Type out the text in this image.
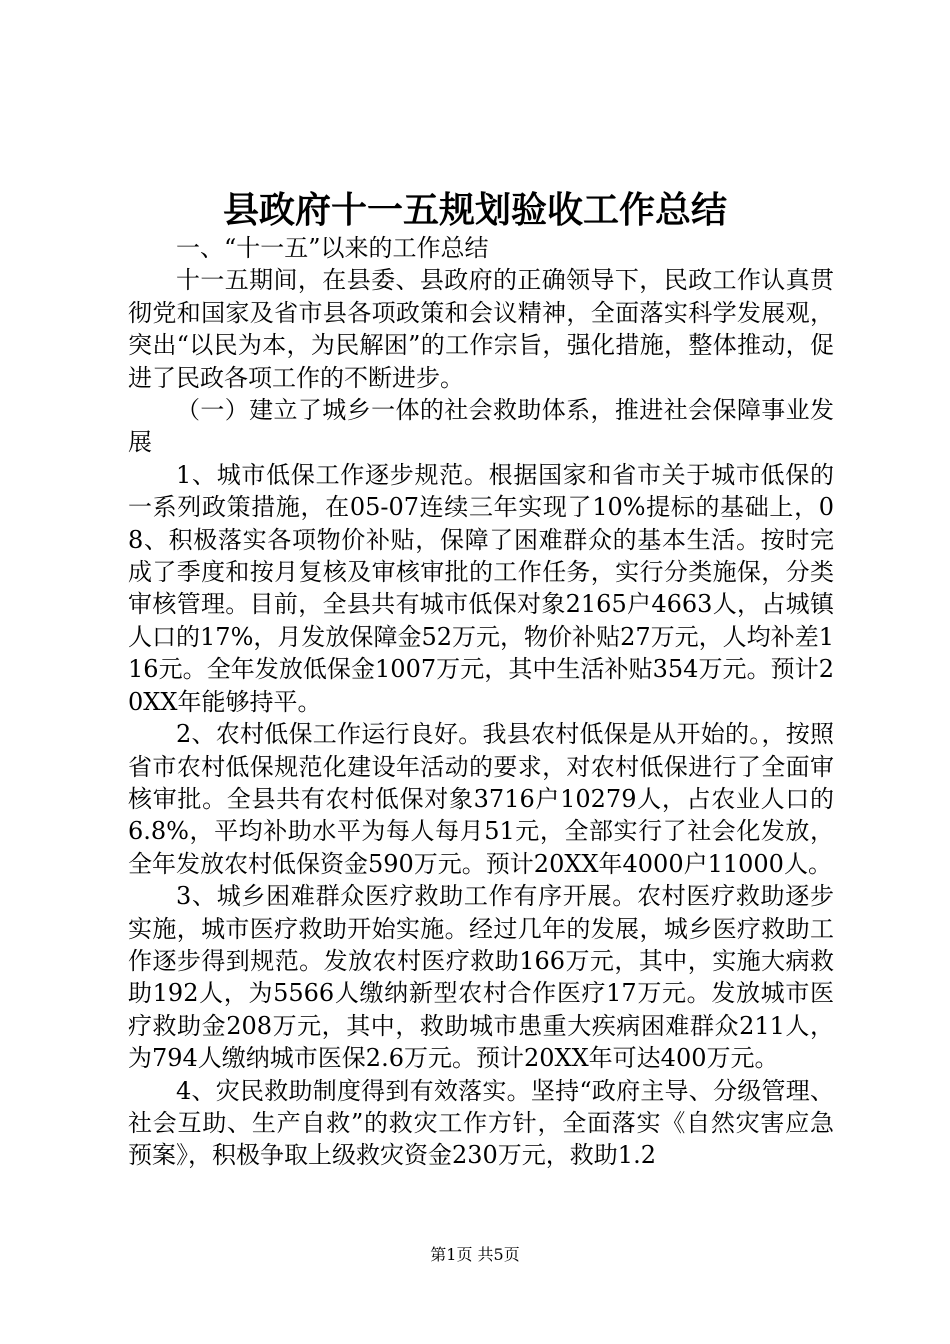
县政府十一五规划验收工作总结

一、“十一五”以来的工作总结

十一五期间，在县委、县政府的正确领导下，民政工作认真贯彻党和国家及省市县各项政策和会议精神，全面落实科学发展观，突出“以民为本，为民解困”的工作宗旨，强化措施，整体推动，促进了民政各项工作的不断进步。

（一）建立了城乡一体的社会救助体系，推进社会保障事业发展

1、城市低保工作逐步规范。根据国家和省市关于城市低保的一系列政策措施，在05-07连续三年实现了10%提标的基础上，08、积极落实各项物价补贴，保障了困难群众的基本生活。按时完成了季度和按月复核及审核审批的工作任务，实行分类施保，分类审核管理。目前，全县共有城市低保对象2165户4663人，占城镇人口的17%，月发放保障金52万元，物价补贴27万元，人均补差116元。全年发放低保金1007万元，其中生活补贴354万元。预计20XX年能够持平。

2、农村低保工作运行良好。我县农村低保是从开始的。，按照省市农村低保规范化建设年活动的要求，对农村低保进行了全面审核审批。全县共有农村低保对象3716户10279人，占农业人口的6.8%，平均补助水平为每人每月51元，全部实行了社会化发放，全年发放农村低保资金590万元。预计20XX年4000户11000人。

3、城乡困难群众医疗救助工作有序开展。农村医疗救助逐步实施，城市医疗救助开始实施。经过几年的发展，城乡医疗救助工作逐步得到规范。发放农村医疗救助166万元，其中，实施大病救助192人，为5566人缴纳新型农村合作医疗17万元。发放城市医疗救助金208万元，其中，救助城市患重大疾病困难群众211人，为794人缴纳城市医保2.6万元。预计20XX年可达400万元。

4、灾民救助制度得到有效落实。坚持“政府主导、分级管理、社会互助、生产自救”的救灾工作方针，全面落实《自然灾害应急预案》，积极争取上级救灾资金230万元，救助1.2

第1页 共5页
